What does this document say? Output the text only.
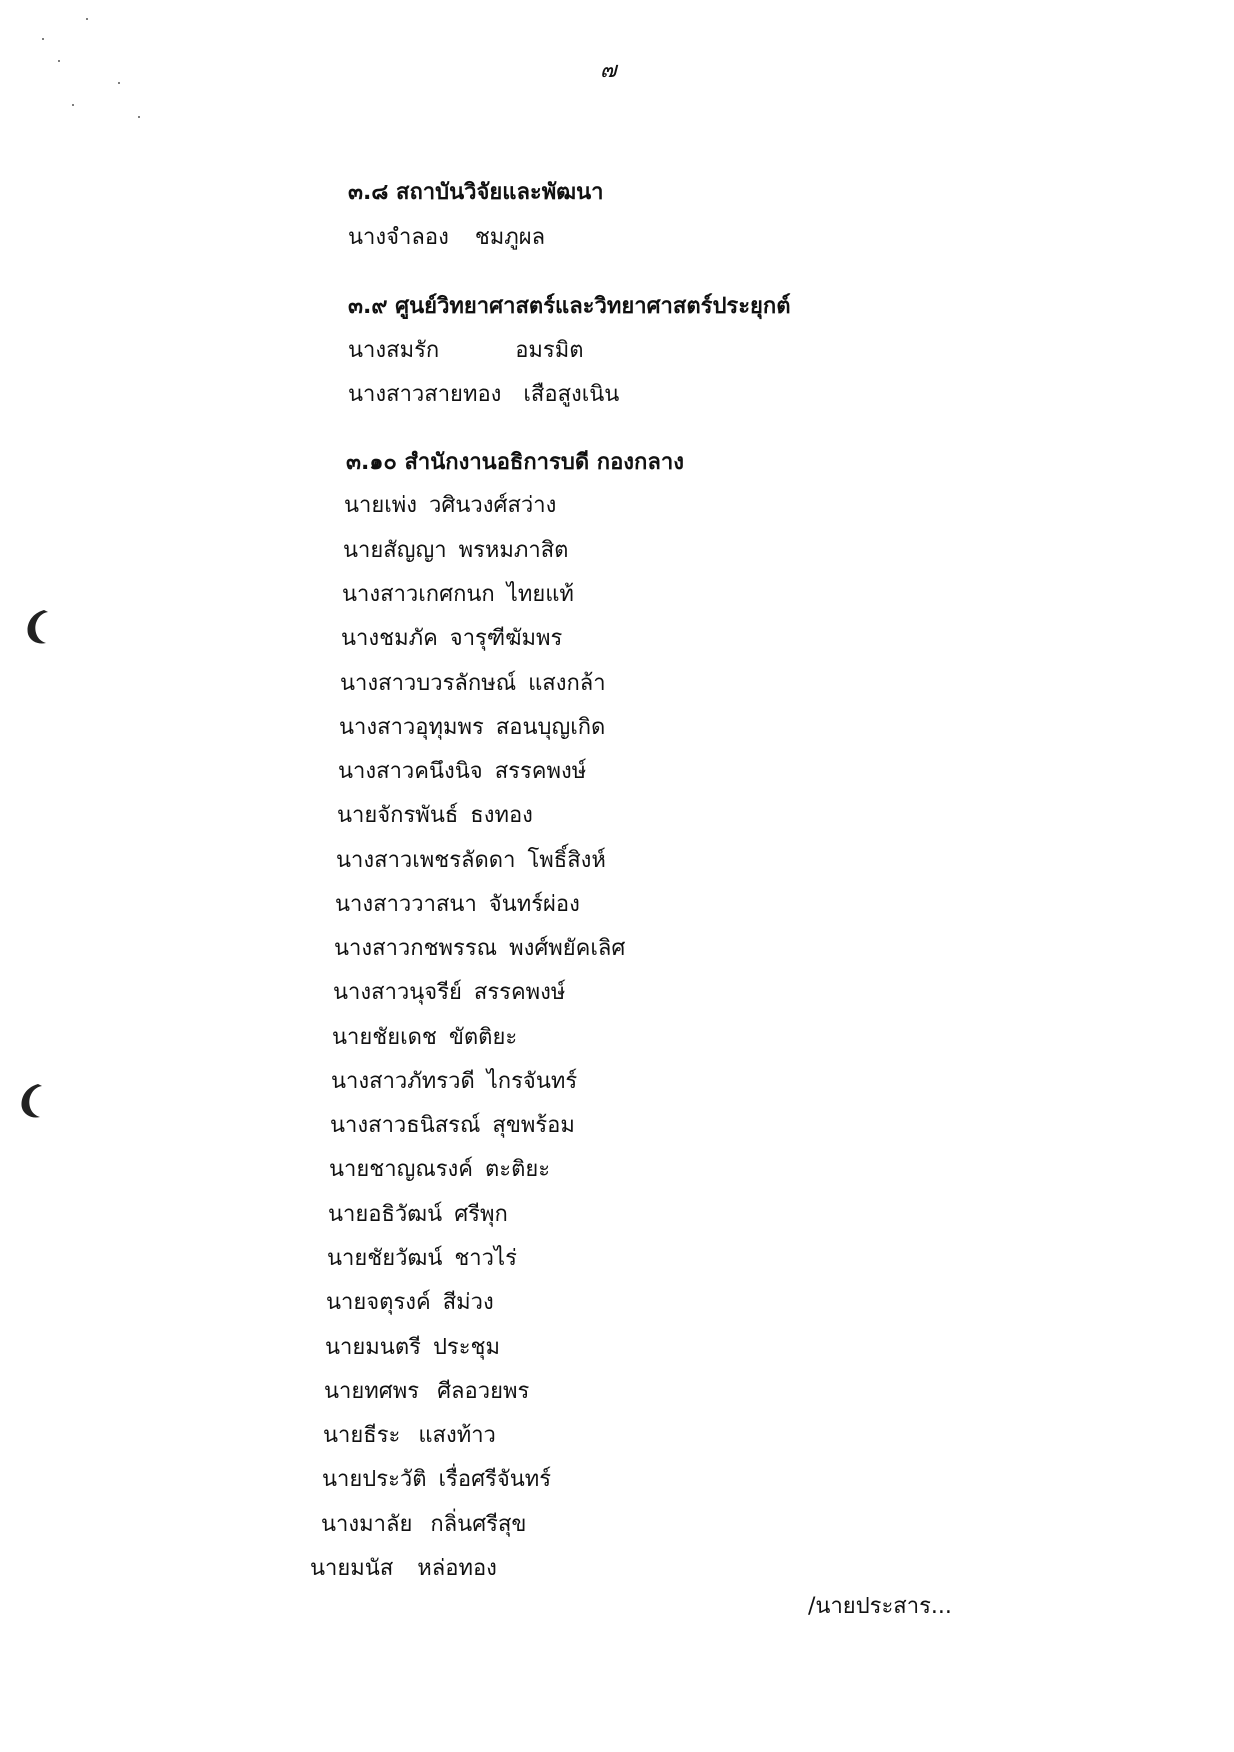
๗
๓.๘ สถาบันวิจัยและพัฒนา
นางจำลอง ชมภูผล
๓.๙ ศูนย์วิทยาศาสตร์และวิทยาศาสตร์ประยุกต์
นางสมรัก	อมรมิต
นางสาวสายทอง เสือสูงเนิน
๓.๑๐ สำนักงานอธิการบดี กองกลาง
นายเพ่ง วศินวงศ์สว่าง
นายสัญญา พรหมภาสิต
นางสาวเกศกนก ไทยแท้
นางชมภัค จารุฑีฆัมพร
นางสาวบวรลักษณ์ แสงกล้า
นางสาวอุทุมพร สอนบุญเกิด
นางสาวคนึงนิจ สรรคพงษ์
นายจักรพันธ์ ธงทอง
นางสาวเพชรลัดดา โพธิ์สิงห์
นางสาววาสนา จันทร์ผ่อง
นางสาวกชพรรณ พงศ์พยัคเลิศ
นางสาวนุจรีย์ สรรคพงษ์
นายชัยเดช ขัตติยะ
นางสาวภัทรวดี ไกรจันทร์
นางสาวธนิสรณ์ สุขพร้อม
นายชาญณรงค์ ตะติยะ
นายอธิวัฒน์ ศรีพุก
นายชัยวัฒน์ ชาวไร่
นายจตุรงค์ สีม่วง
นายมนตรี ประชุม
นายทศพร ศีลอวยพร
นายธีระ แสงท้าว
นายประวัติ เรื่อศรีจันทร์
นางมาลัย กลิ่นศรีสุข
นายมนัส หล่อทอง
/นายประสาร...
